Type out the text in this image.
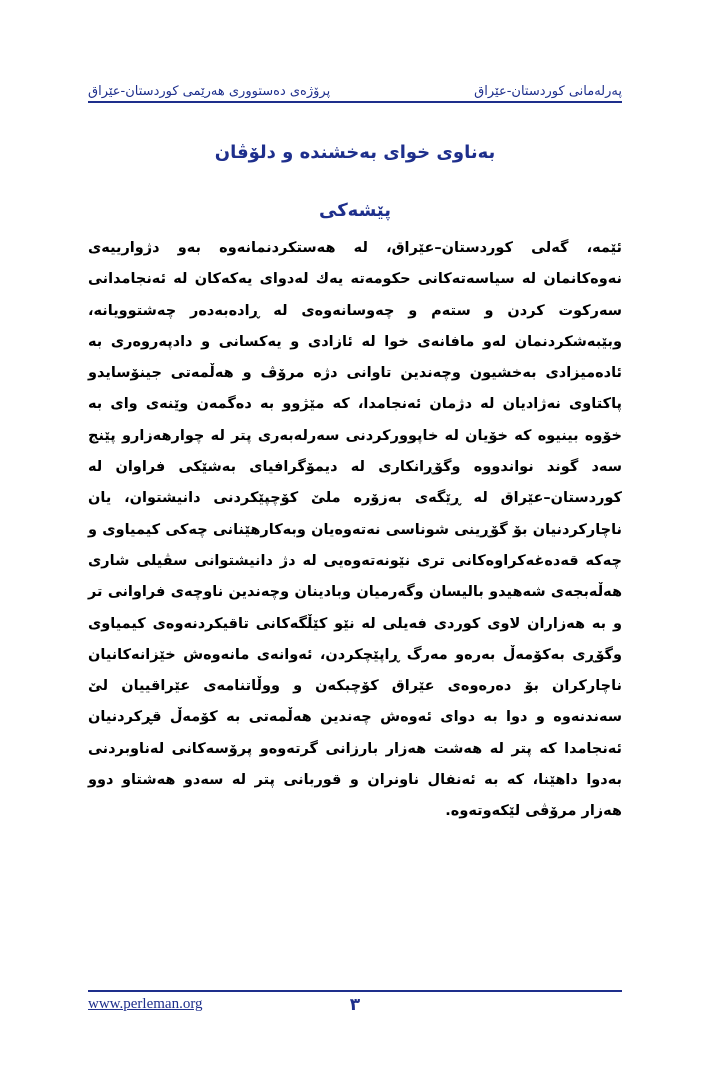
پەرلەمانی کوردستان-عێراق
پرۆژەی دەستووری هەرێمی کوردستان-عێراق
بەناوی خوای بەخشندە و دلۆڤان
پێشەکی

ئێمە، گەلی کوردستان–عێراق، لە هەستکردنمانەوە بەو دژوارییەی نەوەکانمان لە سیاسەتەکانی حکومەتە یەك لەدوای یەکەکان لە ئەنجامدانی سەرکوت کردن و ستەم و چەوسانەوەی لە ڕادەبەدەر چەشتوویانە، وبێبەشکردنمان لەو مافانەی خوا لە ئازادی و یەکسانی و دادپەروەری بە ئادەمیزادی بەخشیون وچەندین تاوانی دژە مرۆڤ و هەڵمەتی جینۆسایدو پاکتاوی نەژادیان لە دژمان ئەنجامدا، کە مێژوو بە دەگمەن وێنەی وای بە خۆوە بینیوە کە خۆیان لە خاپوورکردنی سەرلەبەری پتر لە چوارهەزارو پێنج سەد گوند نواندووە وگۆڕانکاری لە دیمۆگرافیای بەشێکی فراوان لە کوردستان–عێراق لە ڕێگەی بەزۆرە ملێ کۆچپێکردنی دانیشتوان، یان ناچارکردنیان بۆ گۆڕینی شوناسی نەتەوەیان وبەکارهێنانی چەکی کیمیاوی و چەکە قەدەغەکراوەکانی تری نێونەتەوەیی لە دژ دانیشتوانی سڤیلی شاری هەڵەبجەی شەهیدو بالیسان وگەرمیان وبادینان وچەندین ناوچەی فراوانی تر و بە هەزاران لاوی کوردی فەیلی لە نێو کێڵگەکانی تاقیکردنەوەی کیمیاوی وگۆڕی بەکۆمەڵ بەرەو مەرگ ڕاپێچکردن، ئەوانەی مانەوەش خێزانەکانیان ناچارکران بۆ دەرەوەی عێراق کۆچبکەن و ووڵاتنامەی عێراقییان لێ سەندنەوە و دوا بە دوای ئەوەش چەندین هەڵمەتی بە کۆمەڵ قڕکردنیان ئەنجامدا کە پتر لە هەشت هەزار بارزانی گرتەوەو پرۆسەکانی لەناوبردنی بەدوا داهێنا، کە بە ئەنفال ناونران و قوربانی پتر لە سەدو هەشتاو دوو هەزار مرۆڤی لێکەوتەوە.

www.perleman.org	٣
